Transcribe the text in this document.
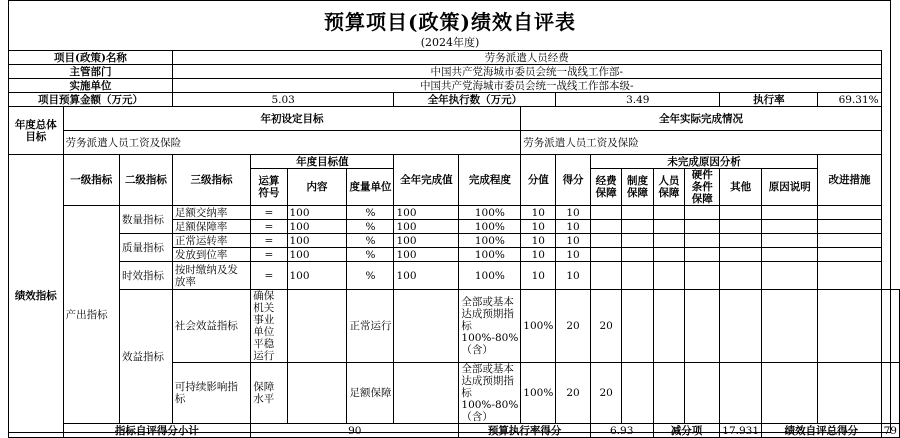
预算项目(政策)绩效自评表
(2024年度)
项目(政策)名称			劳务派遣人员经费															
主管部门			中国共产党海城市委员会统一战线工作部-															
实施单位			中国共产党海城市委员会统一战线工作部本级-															
项目预算金额（万元）			5.03				全年执行数（万元）			3.49					执行率		69.31%	
年度总体目标	年初设定目标								全年实际完成情况									
	劳务派遣人员工资及保险								劳务派遣人员工资及保险									
绩效指标	一级指标	二级指标	三级指标	年度目标值			全年完成值	完成程度	分值	得分	未完成原因分析						改进措施	
				运算符号	内容	度量单位					经费保障	制度保障	人员保障	硬件条件保障	其他	原因说明		
	产出指标	数量指标	足额交纳率	=	100	%	100	100%	10	10								
			足额保障率	=	100	%	100	100%	10	10								
		质量指标	正常运转率	=	100	%	100	100%	10	10								
			发放到位率	=	100	%	100	100%	10	10								
		时效指标	按时缴纳及发放率	=	100	%	100	100%	10	10								
		效益指标	社会效益指标	确保机关事业单位平稳运行		正常运行		全部或基本达成预期指标100%-80%（含）	100%	20	20							
			可持续影响指标	保障水平		足额保障		全部或基本达成预期指标100%-80%（含）	100%	20	20							
	指标自评得分小计			90				预算执行率得分			6.93		减分项		17.931	绩效自评总得分		79
